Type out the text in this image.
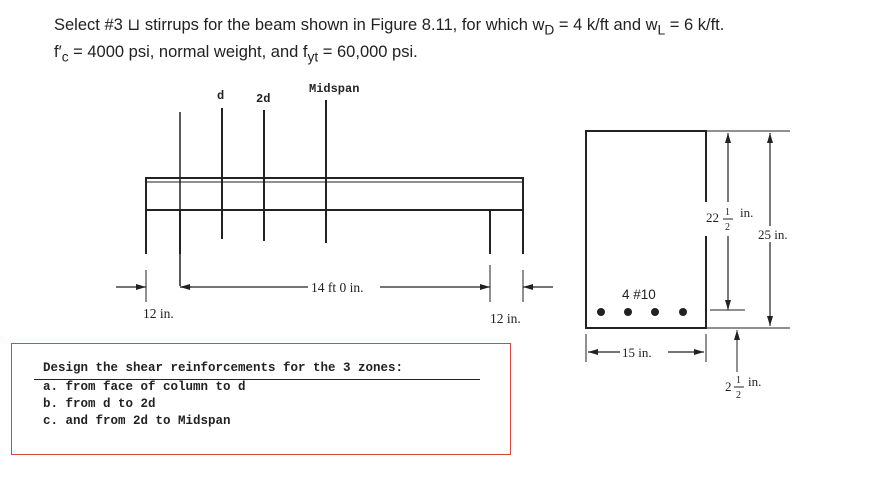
Select #3 ⊔ stirrups for the beam shown in Figure 8.11, for which $w_D = 4$ k/ft and $w_L = 6$ k/ft.
$f'_c = 4000$ psi, normal weight, and $f_{yt} = 60,000$ psi.
d	2d
Midspan
14 ft 0 in.
12 in.	12 in.
4 #10
22 1
2
in.
25 in.
2 1
2
in.
15 in.
Design the shear reinforcements for the 3 zones:
a. from face of column to d
b. from d to 2d
c. and from 2d to Midspan
